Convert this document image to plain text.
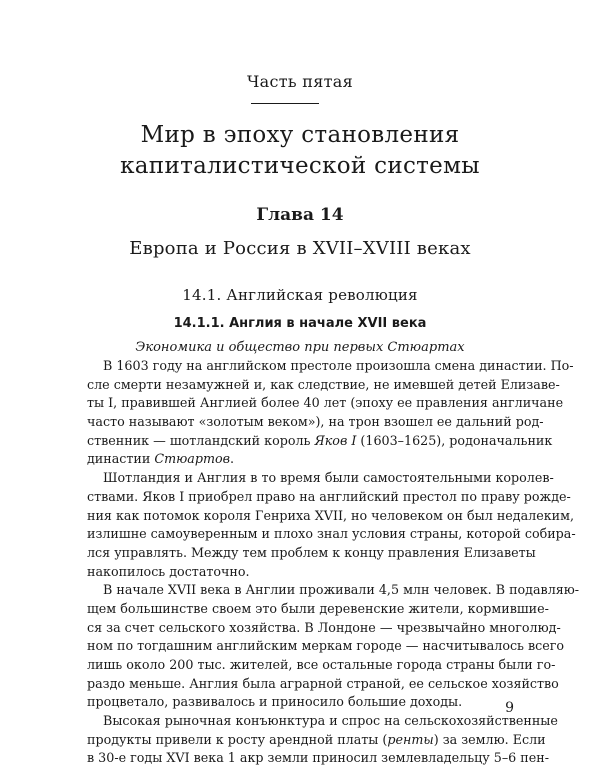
Часть пятая
Мир в эпоху становления
капиталистической системы
Глава 14
Европа и Россия в XVII–XVIII веках
14.1. Английская революция
14.1.1. Англия в начале XVII века
Экономика и общество при первых Стюартах
В 1603 году на английском престоле произошла смена династии. По-
сле смерти незамужней и, как следствие, не имевшей детей Елизаве-
ты I, правившей Англией более 40 лет (эпоху ее правления англичане
часто называют «золотым веком»), на трон взошел ее дальний род-
ственник — шотландский король Яков I (1603–1625), родоначальник
династии Стюартов.
Шотландия и Англия в то время были самостоятельными королев-
ствами. Яков I приобрел право на английский престол по праву рожде-
ния как потомок короля Генриха XVII, но человеком он был недалеким,
излишне самоуверенным и плохо знал условия страны, которой собира-
лся управлять. Между тем проблем к концу правления Елизаветы
накопилось достаточно.
В начале XVII века в Англии проживали 4,5 млн человек. В подавляю-
щем большинстве своем это были деревенские жители, кормившие-
ся за счет сельского хозяйства. В Лондоне — чрезвычайно многолюд-
ном по тогдашним английским меркам городе — насчитывалось всего
лишь около 200 тыс. жителей, все остальные города страны были го-
раздо меньше. Англия была аграрной страной, ее сельское хозяйство
процветало, развивалось и приносило большие доходы.
Высокая рыночная конъюнктура и спрос на сельскохозяйственные
продукты привели к росту арендной платы (ренты) за землю. Если
в 30-е годы XVI века 1 акр земли приносил землевладельцу 5–6 пен-
9
